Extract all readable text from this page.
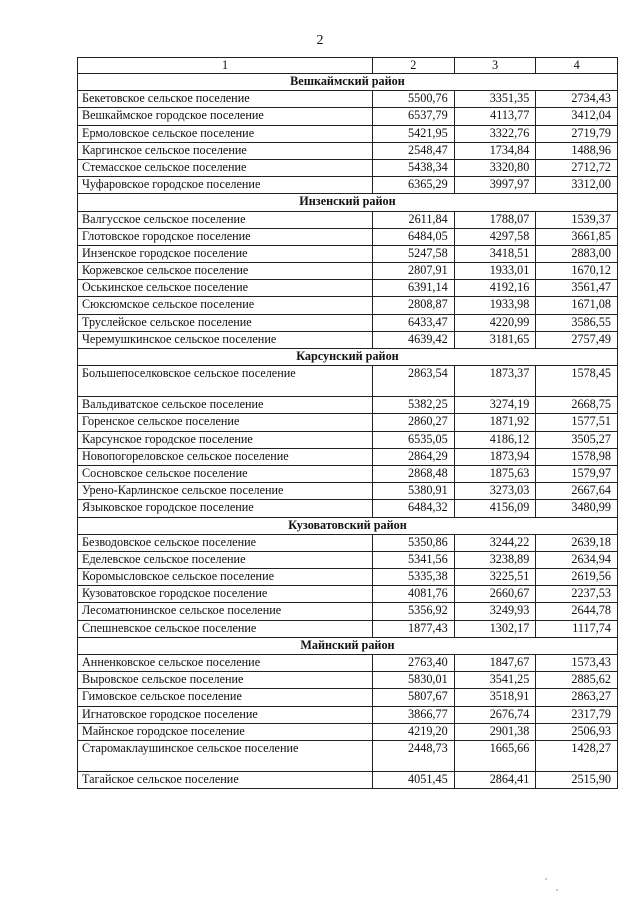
2
1	2	3	4
Вешкаймский район			
Бекетовское сельское поселение	5500,76	3351,35	2734,43
Вешкаймское городское поселение	6537,79	4113,77	3412,04
Ермоловское сельское поселение	5421,95	3322,76	2719,79
Каргинское сельское поселение	2548,47	1734,84	1488,96
Стемасское сельское поселение	5438,34	3320,80	2712,72
Чуфаровское городское поселение	6365,29	3997,97	3312,00
Инзенский район			
Валгусское сельское поселение	2611,84	1788,07	1539,37
Глотовское городское поселение	6484,05	4297,58	3661,85
Инзенское городское поселение	5247,58	3418,51	2883,00
Коржевское сельское поселение	2807,91	1933,01	1670,12
Оськинское сельское поселение	6391,14	4192,16	3561,47
Сюксюмское сельское поселение	2808,87	1933,98	1671,08
Труслейское сельское поселение	6433,47	4220,99	3586,55
Черемушкинское сельское поселение	4639,42	3181,65	2757,49
Карсунский район			
Большепоселковское сельское поселение	2863,54	1873,37	1578,45
Вальдиватское сельское поселение	5382,25	3274,19	2668,75
Горенское сельское поселение	2860,27	1871,92	1577,51
Карсунское городское поселение	6535,05	4186,12	3505,27
Новопогореловское сельское поселение	2864,29	1873,94	1578,98
Сосновское сельское поселение	2868,48	1875,63	1579,97
Урено-Карлинское сельское поселение	5380,91	3273,03	2667,64
Языковское городское поселение	6484,32	4156,09	3480,99
Кузоватовский район			
Безводовское сельское поселение	5350,86	3244,22	2639,18
Еделевское сельское поселение	5341,56	3238,89	2634,94
Коромысловское сельское поселение	5335,38	3225,51	2619,56
Кузоватовское городское поселение	4081,76	2660,67	2237,53
Лесоматюнинское сельское поселение	5356,92	3249,93	2644,78
Спешневское сельское поселение	1877,43	1302,17	1117,74
Майнский район			
Анненковское сельское поселение	2763,40	1847,67	1573,43
Выровское сельское поселение	5830,01	3541,25	2885,62
Гимовское сельское поселение	5807,67	3518,91	2863,27
Игнатовское городское поселение	3866,77	2676,74	2317,79
Майнское городское поселение	4219,20	2901,38	2506,93
Старомаклаушинское сельское поселение	2448,73	1665,66	1428,27
Тагайское сельское поселение	4051,45	2864,41	2515,90
